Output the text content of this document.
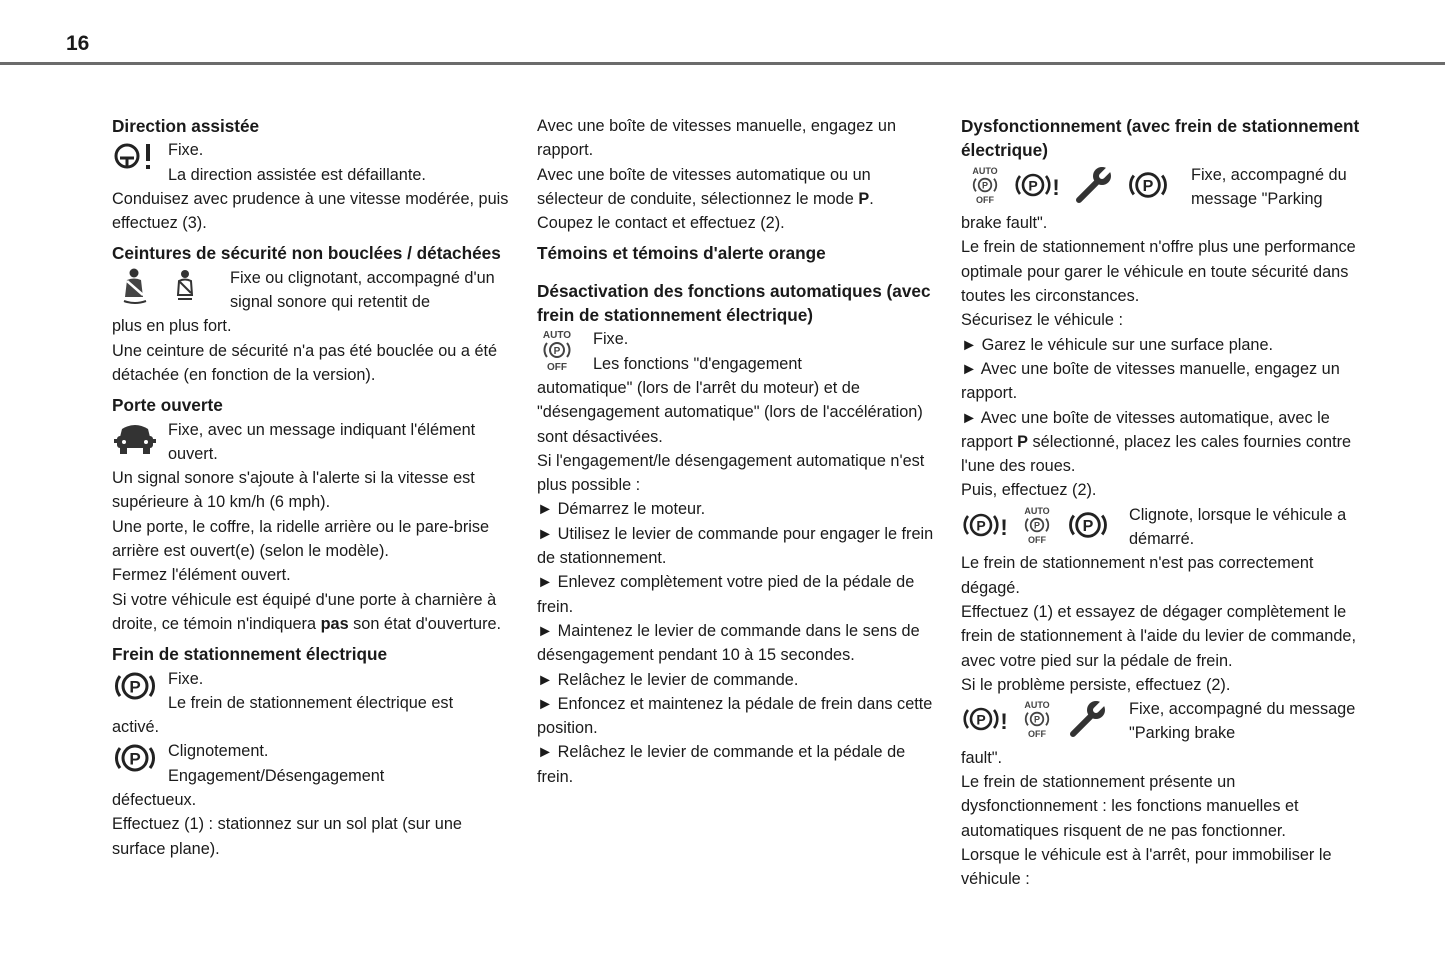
16
Direction assistée

Fixe.

La direction assistée est défaillante.

Conduisez avec prudence à une vitesse modérée, puis effectuez (3).

Ceintures de sécurité non bouclées / détachées

Fixe ou clignotant, accompagné d'un signal sonore qui retentit de

plus en plus fort.

Une ceinture de sécurité n'a pas été bouclée ou a été détachée (en fonction de la version).

Porte ouverte

Fixe, avec un message indiquant l'élément ouvert.

Un signal sonore s'ajoute à l'alerte si la vitesse est supérieure à 10 km/h (6 mph).

Une porte, le coffre, la ridelle arrière ou le pare-brise arrière est ouvert(e) (selon le modèle).

Fermez l'élément ouvert.

Si votre véhicule est équipé d'une porte à charnière à droite, ce témoin n'indiquera pas son état d'ouverture.

Frein de stationnement électrique
P Fixe.

Le frein de stationnement électrique est

activé.

P Clignotement.

Engagement/Désengagement

défectueux.

Effectuez (1) : stationnez sur un sol plat (sur une surface plane).

Avec une boîte de vitesses manuelle, engagez un rapport.

Avec une boîte de vitesses automatique ou un sélecteur de conduite, sélectionnez le mode P.

Coupez le contact et effectuez (2).

Témoins et témoins d'alerte orange
Désactivation des fonctions automatiques (avec frein de stationnement électrique)
AUTO
P
OFF

Fixe.

Les fonctions "d'engagement

automatique" (lors de l'arrêt du moteur) et de "désengagement automatique" (lors de l'accélération) sont désactivées.

Si l'engagement/le désengagement automatique n'est plus possible :

► Démarrez le moteur.

► Utilisez le levier de commande pour engager le frein de stationnement.

► Enlevez complètement votre pied de la pédale de frein.

► Maintenez le levier de commande dans le sens de désengagement pendant 10 à 15 secondes.

► Relâchez le levier de commande.

► Enfoncez et maintenez la pédale de frein dans cette position.

► Relâchez le levier de commande et la pédale de frein.

Dysfonctionnement (avec frein de stationnement électrique)
AUTO
P
OFF
P !	P

Fixe, accompagné du message "Parking

brake fault".

Le frein de stationnement n'offre plus une performance optimale pour garer le véhicule en toute sécurité dans toutes les circonstances.

Sécurisez le véhicule :

► Garez le véhicule sur une surface plane.

► Avec une boîte de vitesses manuelle, engagez un rapport.

► Avec une boîte de vitesses automatique, avec le rapport P sélectionné, placez les cales fournies contre l'une des roues.

Puis, effectuez (2).

P !
AUTO
P
OFF
P

Clignote, lorsque le véhicule a démarré.

Le frein de stationnement n'est pas correctement dégagé.

Effectuez (1) et essayez de dégager complètement le frein de stationnement à l'aide du levier de commande, avec votre pied sur la pédale de frein.

Si le problème persiste, effectuez (2).

P !
AUTO
P
OFF

Fixe, accompagné du message "Parking brake

fault".

Le frein de stationnement présente un dysfonctionnement : les fonctions manuelles et automatiques risquent de ne pas fonctionner.

Lorsque le véhicule est à l'arrêt, pour immobiliser le véhicule :
